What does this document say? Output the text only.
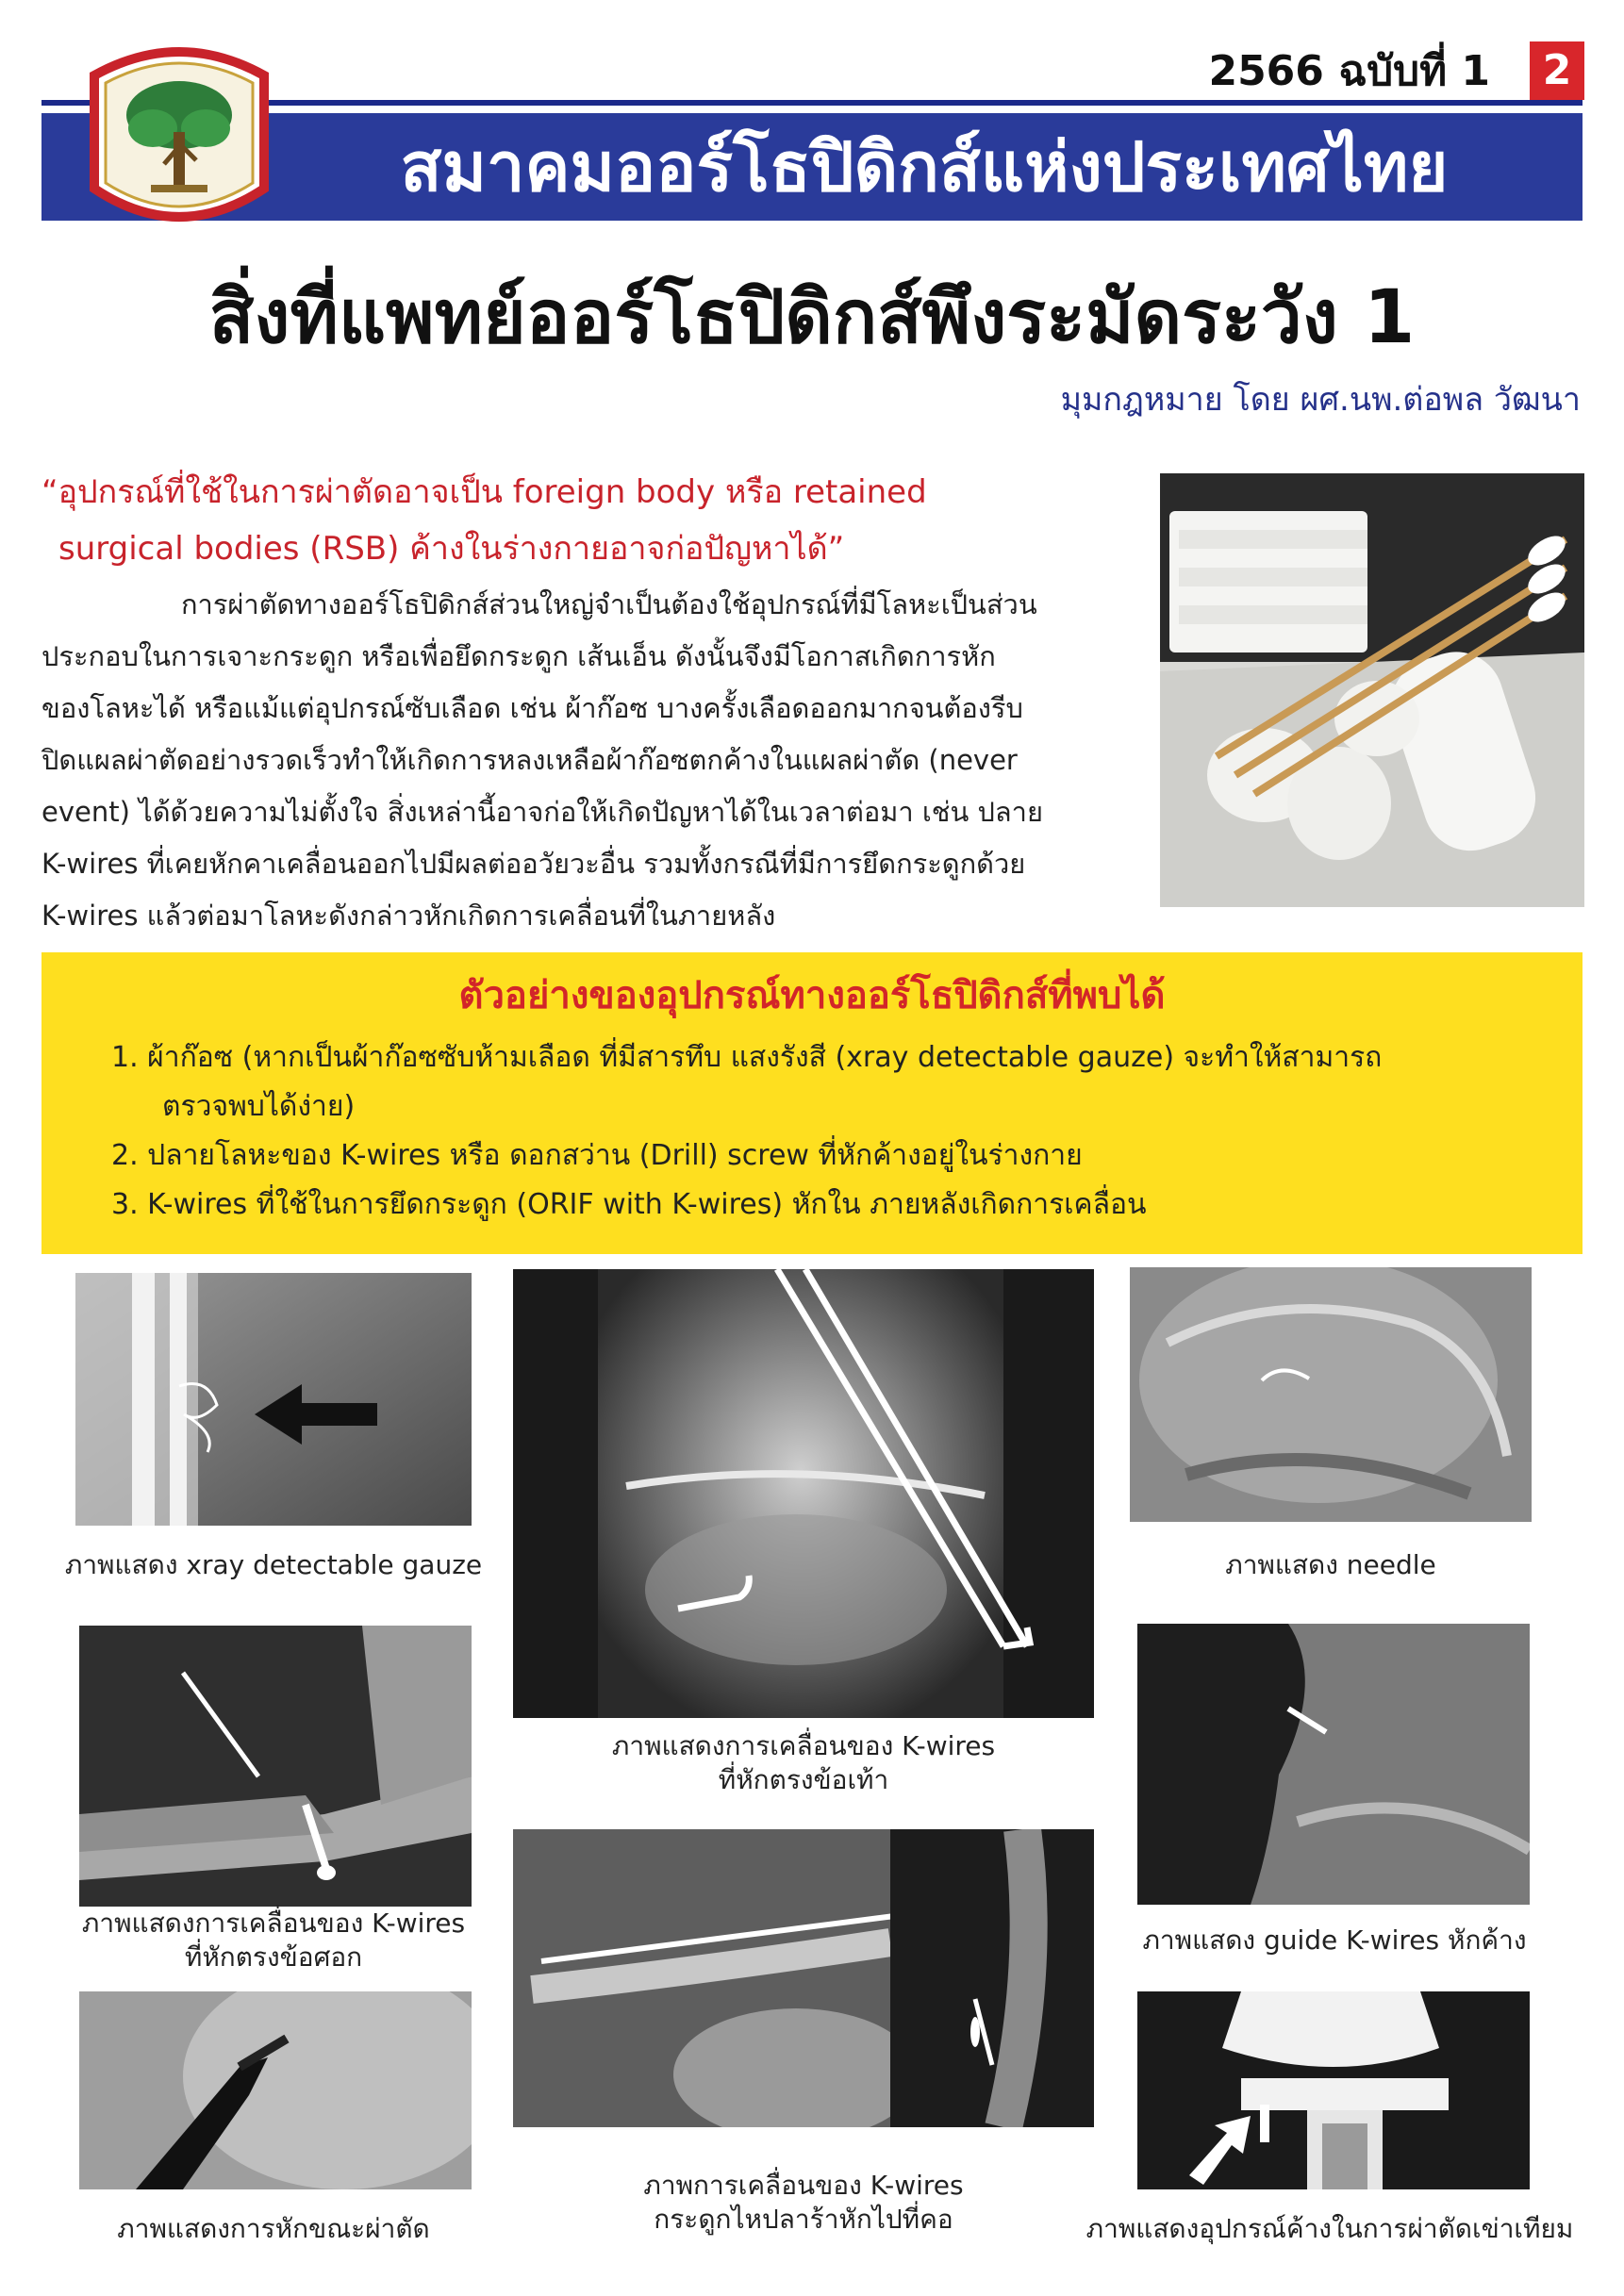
2566 ฉบับที่ 1	2
สมาคมออร์โธปิดิกส์แห่งประเทศไทย
สิ่งที่แพทย์ออร์โธปิดิกส์พึงระมัดระวัง 1
มุมกฎหมาย โดย ผศ.นพ.ต่อพล วัฒนา
“อุปกรณ์ที่ใช้ในการผ่าตัดอาจเป็น foreign body หรือ retained
surgical bodies (RSB) ค้างในร่างกายอาจก่อปัญหาได้”
การผ่าตัดทางออร์โธปิดิกส์ส่วนใหญ่จำเป็นต้องใช้อุปกรณ์ที่มีโลหะเป็นส่วน
ประกอบในการเจาะกระดูก หรือเพื่อยึดกระดูก เส้นเอ็น ดังนั้นจึงมีโอกาสเกิดการหัก
ของโลหะได้ หรือแม้แต่อุปกรณ์ซับเลือด เช่น ผ้าก๊อซ บางครั้งเลือดออกมากจนต้องรีบ
ปิดแผลผ่าตัดอย่างรวดเร็วทำให้เกิดการหลงเหลือผ้าก๊อซตกค้างในแผลผ่าตัด (never
event) ได้ด้วยความไม่ตั้งใจ สิ่งเหล่านี้อาจก่อให้เกิดปัญหาได้ในเวลาต่อมา เช่น ปลาย
K-wires ที่เคยหักคาเคลื่อนออกไปมีผลต่ออวัยวะอื่น รวมทั้งกรณีที่มีการยึดกระดูกด้วย
K-wires แล้วต่อมาโลหะดังกล่าวหักเกิดการเคลื่อนที่ในภายหลัง
ตัวอย่างของอุปกรณ์ทางออร์โธปิดิกส์ที่พบได้
1. ผ้าก๊อซ (หากเป็นผ้าก๊อซซับห้ามเลือด ที่มีสารทึบ แสงรังสี (xray detectable gauze) จะทำให้สามารถ
ตรวจพบได้ง่าย)
2. ปลายโลหะของ K-wires หรือ ดอกสว่าน (Drill) screw ที่หักค้างอยู่ในร่างกาย
3. K-wires ที่ใช้ในการยึดกระดูก (ORIF with K-wires) หักใน ภายหลังเกิดการเคลื่อน
ภาพแสดง xray detectable gauze
ภาพแสดงการเคลื่อนของ K-wires
ที่หักตรงข้อเท้า
ภาพแสดง needle
ภาพแสดงการเคลื่อนของ K-wires
ที่หักตรงข้อศอก
ภาพแสดง guide K-wires หักค้าง
ภาพการเคลื่อนของ K-wires
กระดูกไหปลาร้าหักไปที่คอ
ภาพแสดงการหักขณะผ่าตัด	ภาพแสดงอุปกรณ์ค้างในการผ่าตัดเข่าเทียม
